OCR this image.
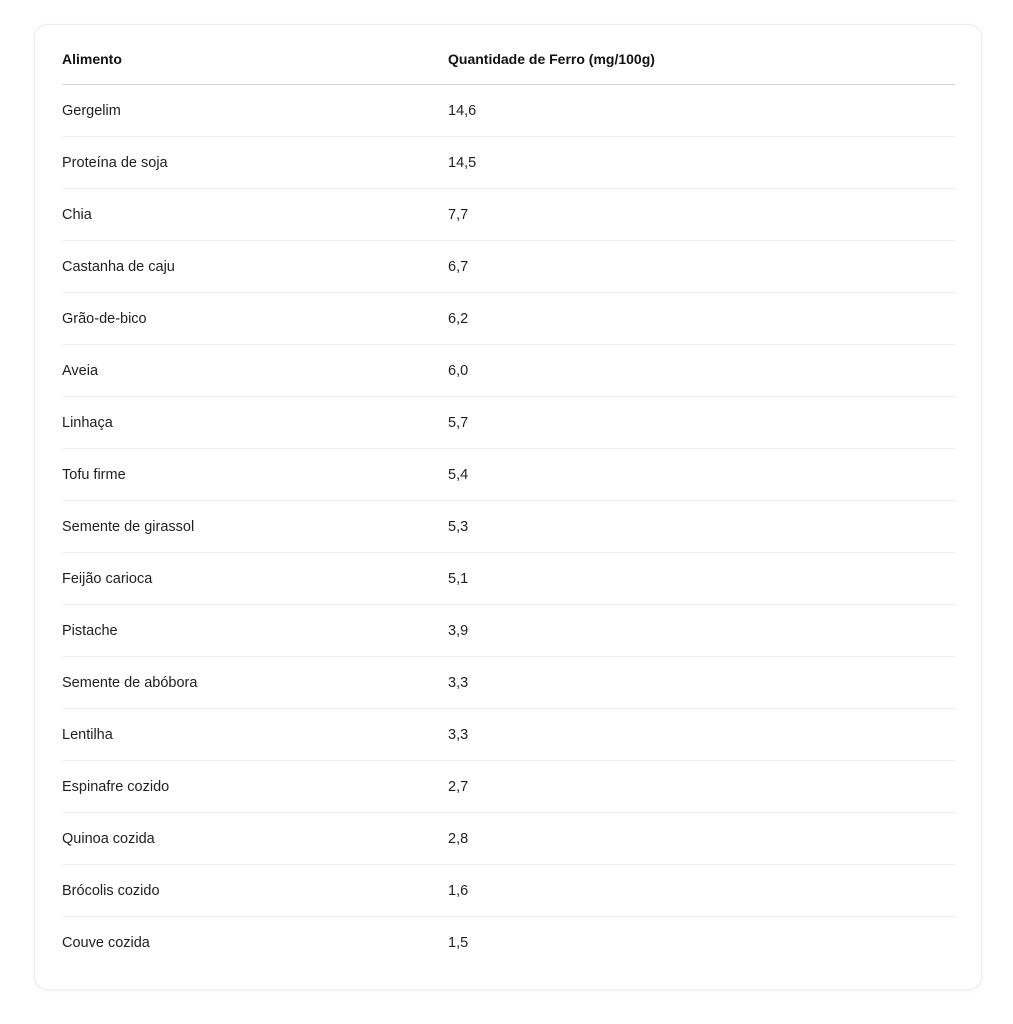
Alimento	Quantidade de Ferro (mg/100g)
Gergelim	14,6
Proteína de soja	14,5
Chia	7,7
Castanha de caju	6,7
Grão-de-bico	6,2
Aveia	6,0
Linhaça	5,7
Tofu firme	5,4
Semente de girassol	5,3
Feijão carioca	5,1
Pistache	3,9
Semente de abóbora	3,3
Lentilha	3,3
Espinafre cozido	2,7
Quinoa cozida	2,8
Brócolis cozido	1,6
Couve cozida	1,5
